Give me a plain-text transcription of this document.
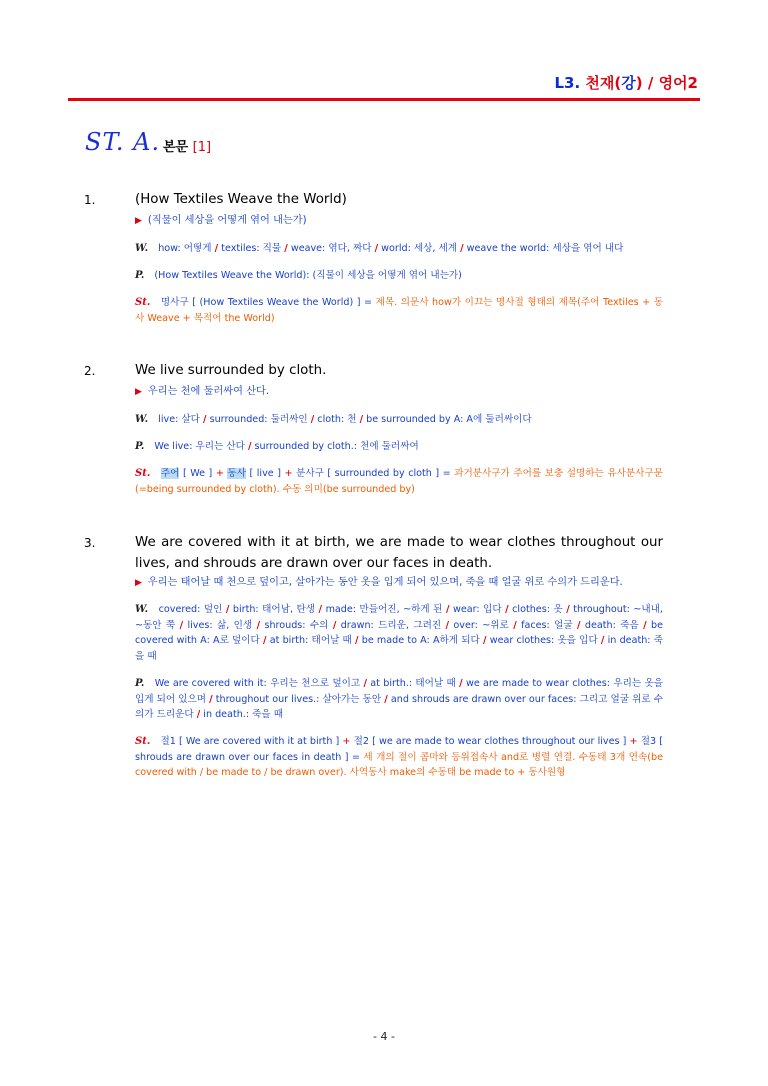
L3. 천재(강) / 영어2
ST. A. 본문 [1]
1.	(How Textiles Weave the World)
▶ (직물이 세상을 어떻게 엮어 내는가)
W. how: 어떻게 / textiles: 직물 / weave: 엮다, 짜다 / world: 세상, 세계 / weave the world: 세상을 엮어 내다
P. (How Textiles Weave the World): (직물이 세상을 어떻게 엮어 내는가)
St. 명사구 [ (How Textiles Weave the World) ] = 제목. 의문사 how가 이끄는 명사절 형태의 제목(주어 Textiles + 동사 Weave + 목적어 the World)
2.	We live surrounded by cloth.
▶ 우리는 천에 둘러싸여 산다.
W. live: 살다 / surrounded: 둘러싸인 / cloth: 천 / be surrounded by A: A에 둘러싸이다
P. We live: 우리는 산다 / surrounded by cloth.: 천에 둘러싸여
St. 주어 [ We ] + 동사 [ live ] + 분사구 [ surrounded by cloth ] = 과거분사구가 주어를 보충 설명하는 유사분사구문(=being surrounded by cloth). 수동 의미(be surrounded by)
3.	We are covered with it at birth, we are made to wear clothes throughout our lives, and shrouds are drawn over our faces in death.
▶ 우리는 태어날 때 천으로 덮이고, 살아가는 동안 옷을 입게 되어 있으며, 죽을 때 얼굴 위로 수의가 드리운다.
W. covered: 덮인 / birth: 태어남, 탄생 / made: 만들어진, ~하게 된 / wear: 입다 / clothes: 옷 / throughout: ~내내, ~동안 쭉 / lives: 삶, 인생 / shrouds: 수의 / drawn: 드리운, 그려진 / over: ~위로 / faces: 얼굴 / death: 죽음 / be covered with A: A로 덮이다 / at birth: 태어날 때 / be made to A: A하게 되다 / wear clothes: 옷을 입다 / in death: 죽을 때
P. We are covered with it: 우리는 천으로 덮이고 / at birth.: 태어날 때 / we are made to wear clothes: 우리는 옷을 입게 되어 있으며 / throughout our lives.: 살아가는 동안 / and shrouds are drawn over our faces: 그리고 얼굴 위로 수의가 드리운다 / in death.: 죽을 때
St. 절1 [ We are covered with it at birth ] + 절2 [ we are made to wear clothes throughout our lives ] + 절3 [ shrouds are drawn over our faces in death ] = 세 개의 절이 콤마와 등위접속사 and로 병렬 연결. 수동태 3개 연속(be covered with / be made to / be drawn over). 사역동사 make의 수동태 be made to + 동사원형
- 4 -
